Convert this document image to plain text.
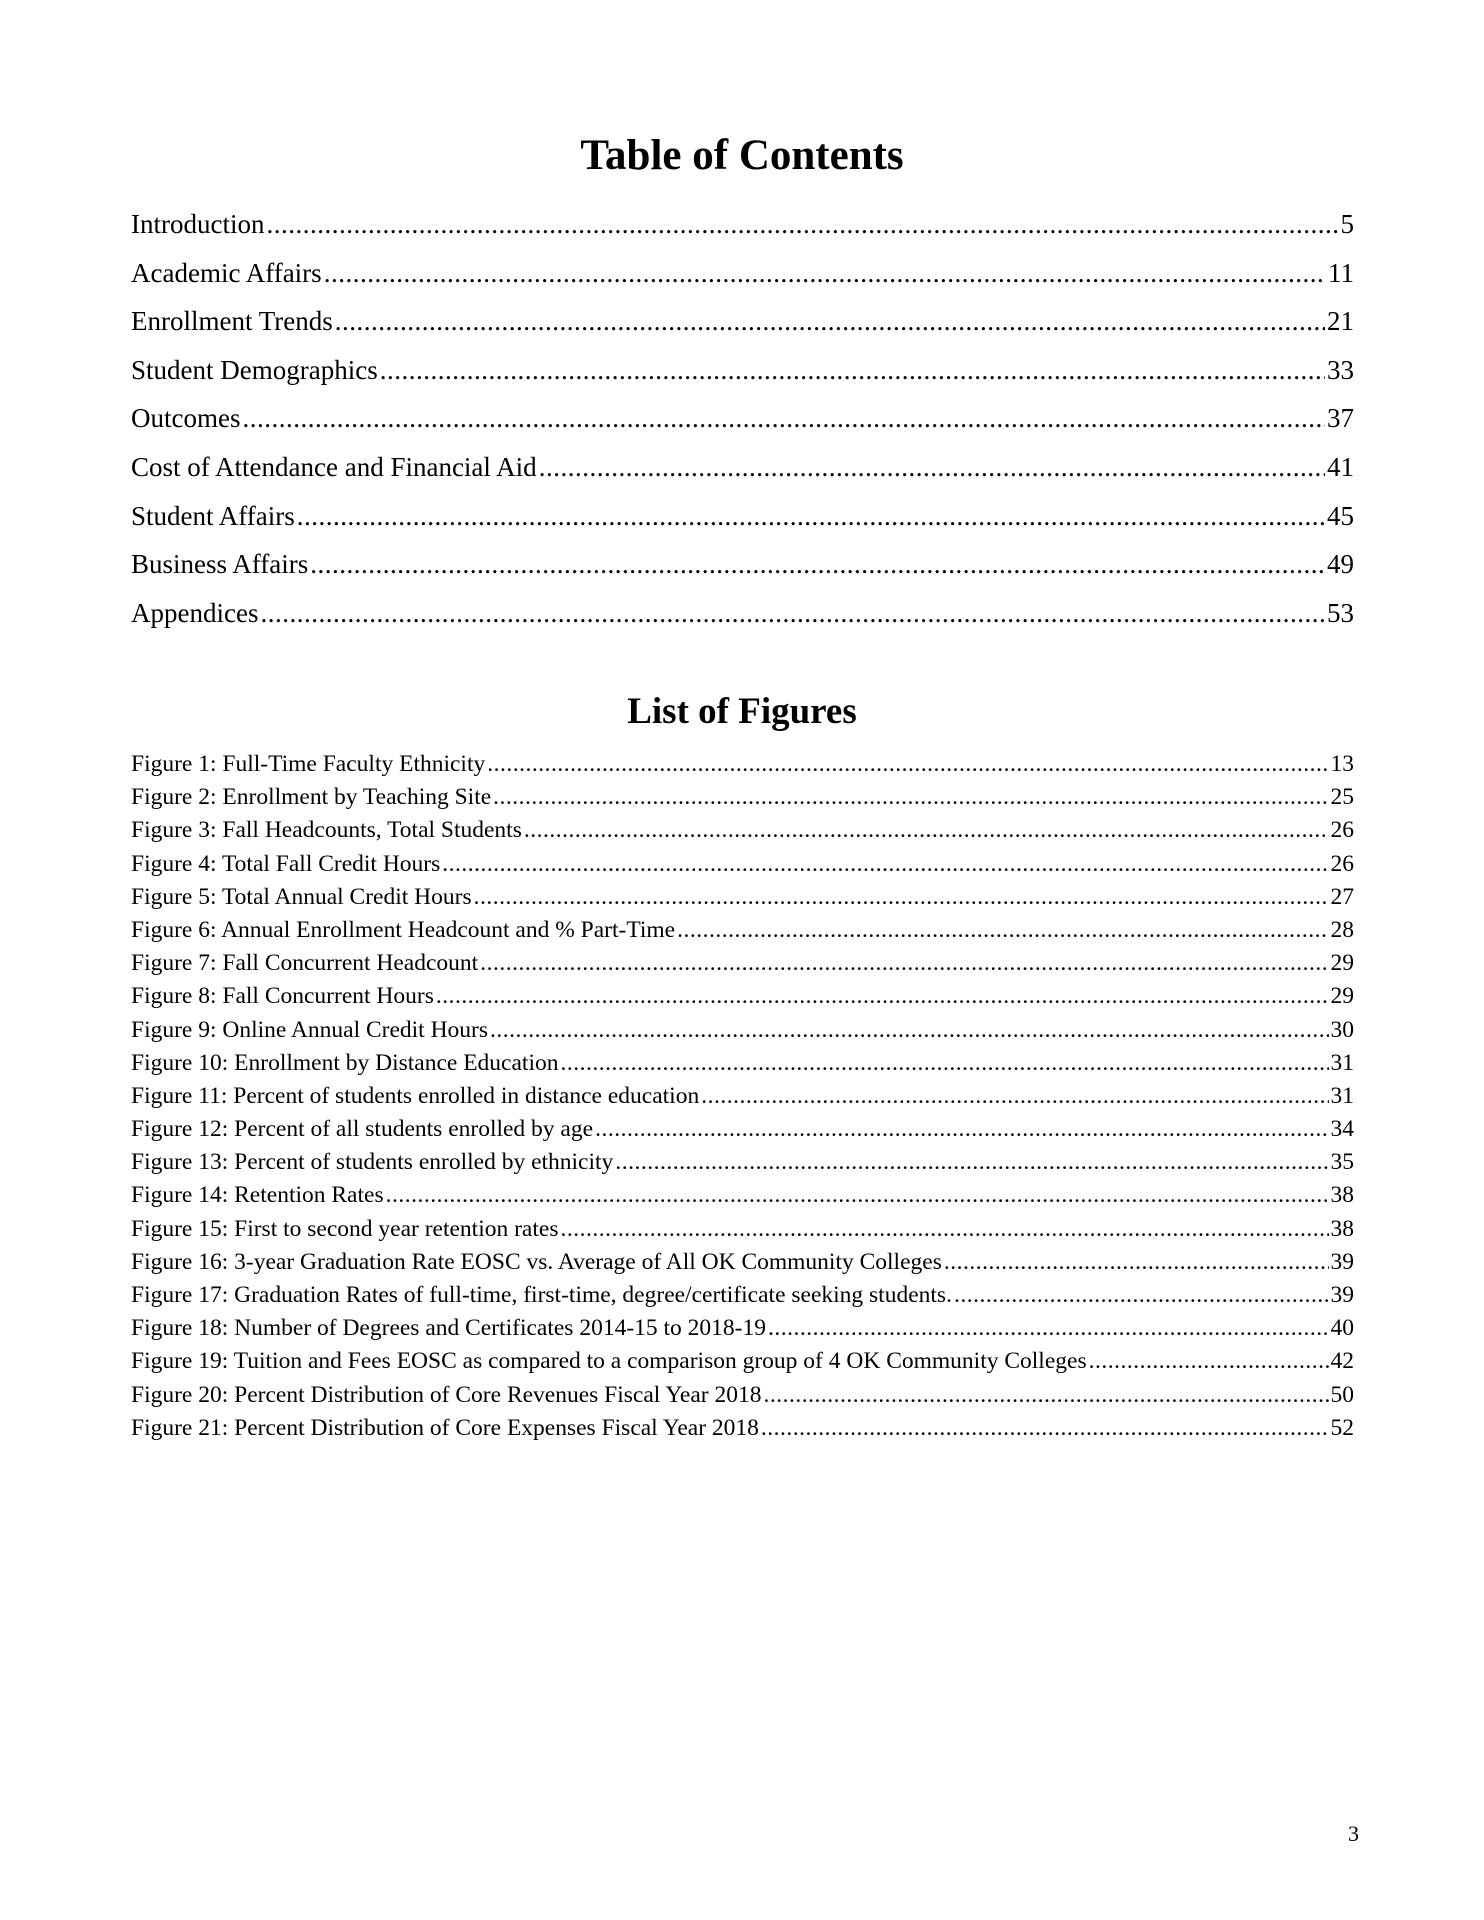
Table of Contents
Introduction .....	5
Academic Affairs .....	11
Enrollment Trends .....	21
Student Demographics .....	33
Outcomes .....	37
Cost of Attendance and Financial Aid .....	41
Student Affairs .....	45
Business Affairs .....	49
Appendices .....	53
List of Figures
Figure 1: Full-Time Faculty Ethnicity .....	13
Figure 2: Enrollment by Teaching Site .....	25
Figure 3: Fall Headcounts, Total Students .....	26
Figure 4: Total Fall Credit Hours .....	26
Figure 5: Total Annual Credit Hours .....	27
Figure 6: Annual Enrollment Headcount and % Part-Time .....	28
Figure 7: Fall Concurrent Headcount .....	29
Figure 8: Fall Concurrent Hours .....	29
Figure 9: Online Annual Credit Hours .....	30
Figure 10: Enrollment by Distance Education .....	31
Figure 11: Percent of students enrolled in distance education .....	31
Figure 12: Percent of all students enrolled by age .....	34
Figure 13: Percent of students enrolled by ethnicity .....	35
Figure 14: Retention Rates .....	38
Figure 15: First to second year retention rates .....	38
Figure 16: 3-year Graduation Rate EOSC vs. Average of All OK Community Colleges .....	39
Figure 17: Graduation Rates of full-time, first-time, degree/certificate seeking students. .....	39
Figure 18: Number of Degrees and Certificates 2014-15 to 2018-19 .....	40
Figure 19: Tuition and Fees EOSC as compared to a comparison group of 4 OK Community Colleges .....	42
Figure 20: Percent Distribution of Core Revenues Fiscal Year 2018 .....	50
Figure 21: Percent Distribution of Core Expenses Fiscal Year 2018 .....	52
3
